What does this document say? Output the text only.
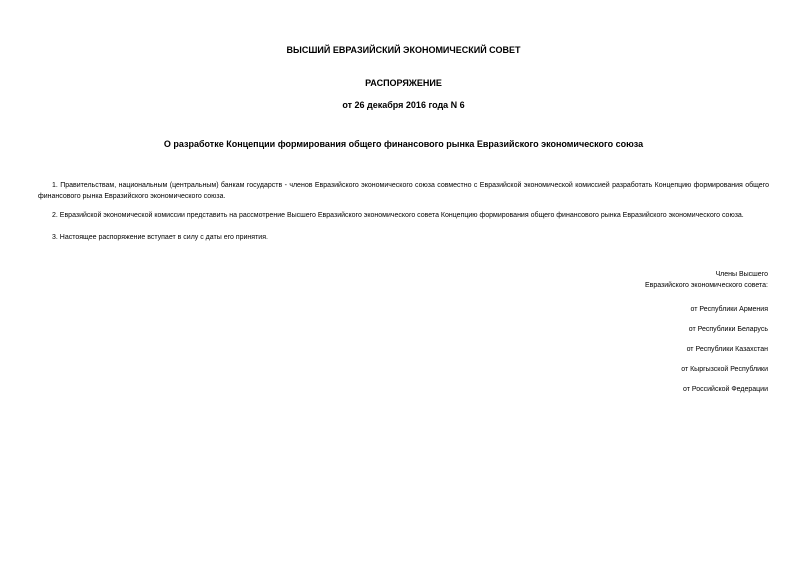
ВЫСШИЙ ЕВРАЗИЙСКИЙ ЭКОНОМИЧЕСКИЙ СОВЕТ
РАСПОРЯЖЕНИЕ
от 26 декабря 2016 года N 6
О разработке Концепции формирования общего финансового рынка Евразийского экономического союза
1. Правительствам, национальным (центральным) банкам государств - членов Евразийского экономического союза совместно с Евразийской экономической комиссией разработать Концепцию формирования общего финансового рынка Евразийского экономического союза.
2. Евразийской экономической комиссии представить на рассмотрение Высшего Евразийского экономического совета Концепцию формирования общего финансового рынка Евразийского экономического союза.
3. Настоящее распоряжение вступает в силу с даты его принятия.
Члены Высшего
Евразийского экономического совета:
от Республики Армения
от Республики Беларусь
от Республики Казахстан
от Кыргызской Республики
от Российской Федерации
